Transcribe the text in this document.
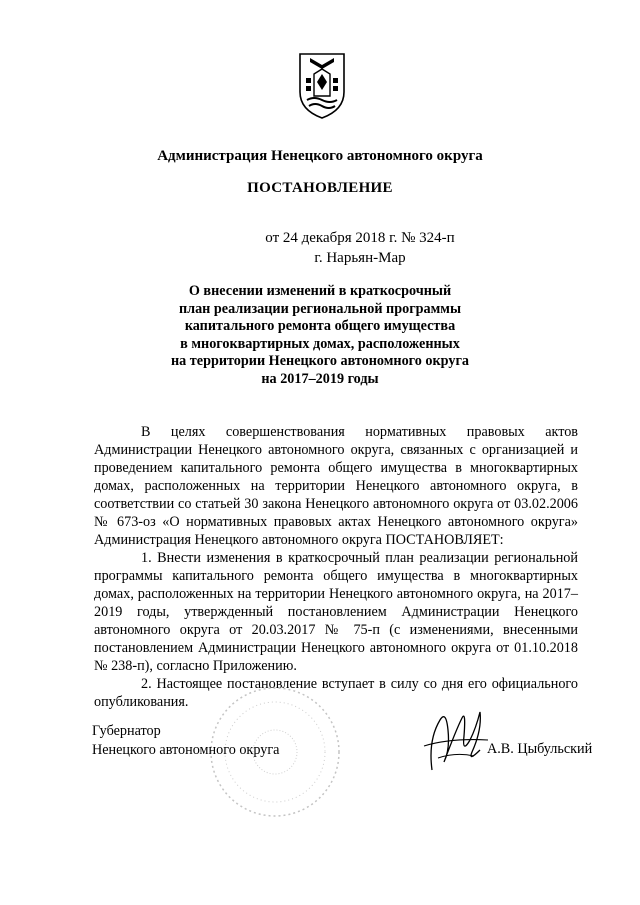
Администрация Ненецкого автономного округа
ПОСТАНОВЛЕНИЕ
от 24 декабря 2018 г. № 324-п
г. Нарьян-Мар
О внесении изменений в краткосрочный
план реализации региональной программы
капитального ремонта общего имущества
в многоквартирных домах, расположенных
на территории Ненецкого автономного округа
на 2017–2019 годы

В целях совершенствования нормативных правовых актов Администрации Ненецкого автономного округа, связанных с организацией и проведением капитального ремонта общего имущества в многоквартирных домах, расположенных на территории Ненецкого автономного округа, в соответствии со статьей 30 закона Ненецкого автономного округа от 03.02.2006 № 673-оз «О нормативных правовых актах Ненецкого автономного округа» Администрация Ненецкого автономного округа ПОСТАНОВЛЯЕТ:

1. Внести изменения в краткосрочный план реализации региональной программы капитального ремонта общего имущества в многоквартирных домах, расположенных на территории Ненецкого автономного округа, на 2017–2019 годы, утвержденный постановлением Администрации Ненецкого автономного округа от 20.03.2017 № 75-п (с изменениями, внесенными постановлением Администрации Ненецкого автономного округа от 01.10.2018 № 238-п), согласно Приложению.

2. Настоящее постановление вступает в силу со дня его официального опубликования.

Губернатор
Ненецкого автономного округа	А.В. Цыбульский
